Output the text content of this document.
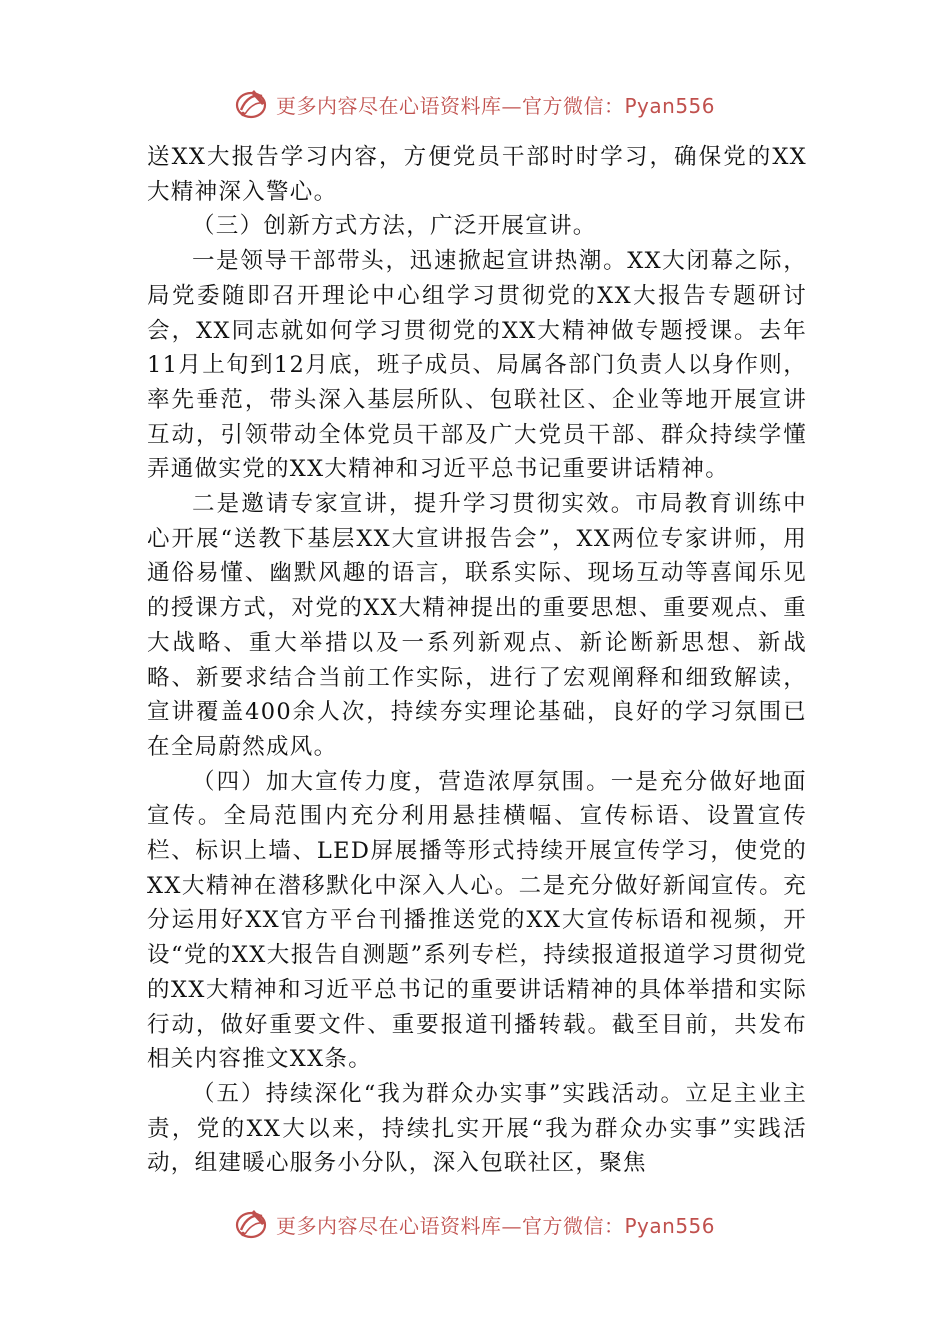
更多内容尽在心语资料库—官方微信：Pyan556

送XX大报告学习内容，方便党员干部时时学习，确保党的XX大精神深入警心。

（三）创新方式方法，广泛开展宣讲。

一是领导干部带头，迅速掀起宣讲热潮。XX大闭幕之际，局党委随即召开理论中心组学习贯彻党的XX大报告专题研讨会，XX同志就如何学习贯彻党的XX大精神做专题授课。去年11月上旬到12月底，班子成员、局属各部门负责人以身作则，率先垂范，带头深入基层所队、包联社区、企业等地开展宣讲互动，引领带动全体党员干部及广大党员干部、群众持续学懂弄通做实党的XX大精神和习近平总书记重要讲话精神。

二是邀请专家宣讲，提升学习贯彻实效。市局教育训练中心开展“送教下基层XX大宣讲报告会”，XX两位专家讲师，用通俗易懂、幽默风趣的语言，联系实际、现场互动等喜闻乐见的授课方式，对党的XX大精神提出的重要思想、重要观点、重大战略、重大举措以及一系列新观点、新论断新思想、新战略、新要求结合当前工作实际，进行了宏观阐释和细致解读，宣讲覆盖400余人次，持续夯实理论基础，良好的学习氛围已在全局蔚然成风。

（四）加大宣传力度，营造浓厚氛围。一是充分做好地面宣传。全局范围内充分利用悬挂横幅、宣传标语、设置宣传栏、标识上墙、LED屏展播等形式持续开展宣传学习，使党的XX大精神在潜移默化中深入人心。二是充分做好新闻宣传。充分运用好XX官方平台刊播推送党的XX大宣传标语和视频，开设“党的XX大报告自测题”系列专栏，持续报道报道学习贯彻党的XX大精神和习近平总书记的重要讲话精神的具体举措和实际行动，做好重要文件、重要报道刊播转载。截至目前，共发布相关内容推文XX条。

（五）持续深化“我为群众办实事”实践活动。立足主业主责，党的XX大以来，持续扎实开展“我为群众办实事”实践活动，组建暖心服务小分队，深入包联社区，聚焦

更多内容尽在心语资料库—官方微信：Pyan556
